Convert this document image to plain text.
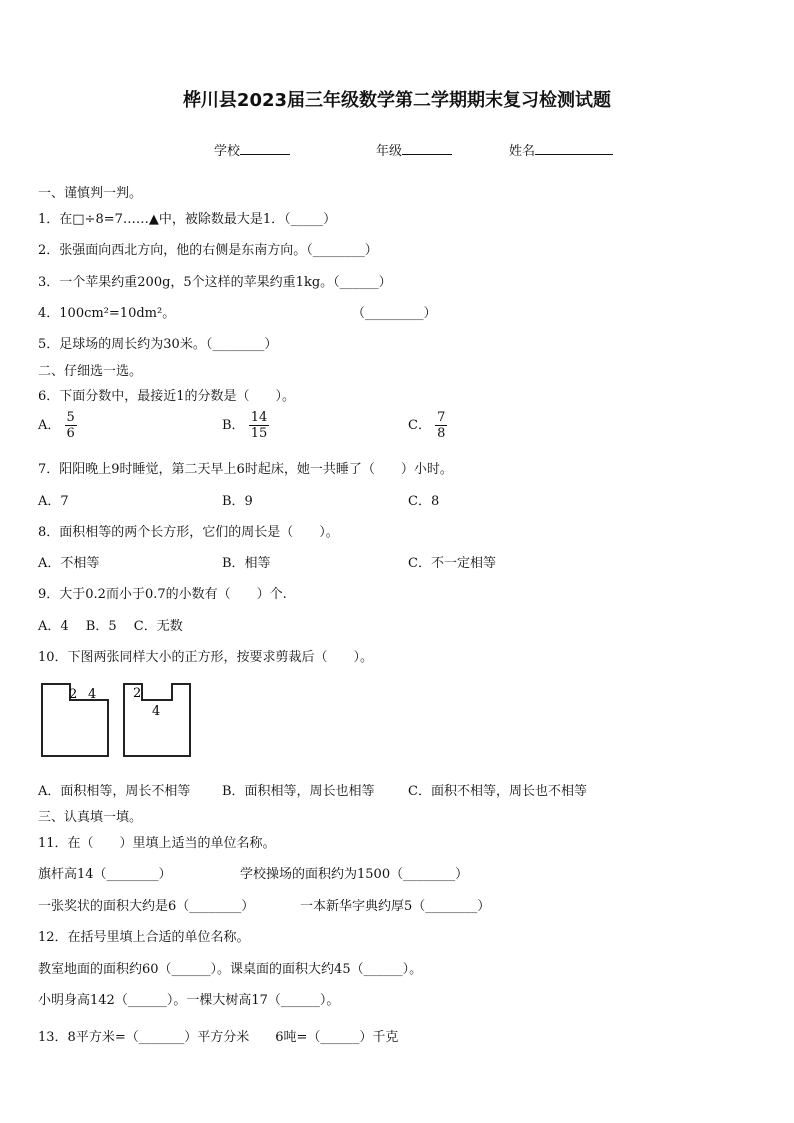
桦川县2023届三年级数学第二学期期末复习检测试题
学校	年级	姓名
一、谨慎判一判。
1．在□÷8=7……▲中，被除数最大是1．（_____）
2．张强面向西北方向，他的右侧是东南方向。（________）
3．一个苹果约重200g，5个这样的苹果约重1kg。（______）
4．100cm²=10dm²。	（_________）
5．足球场的周长约为30米。（________）
二、仔细选一选。
6．下面分数中，最接近1的分数是（　　）。
A． $\frac{5}{6}$	B． $\frac{14}{15}$	C． $\frac{7}{8}$
7．阳阳晚上9时睡觉，第二天早上6时起床，她一共睡了（　　）小时。
A．7	B．9	C．8
8．面积相等的两个长方形，它们的周长是（　　）。
A．不相等	B．相等	C．不一定相等
9．大于0.2而小于0.7的小数有（　　）个.
A．4　 B．5　 C．无数
10．下图两张同样大小的正方形，按要求剪裁后（　　）。
2 4	2
4
A．面积相等，周长不相等 B．面积相等，周长也相等	C．面积不相等，周长也不相等
三、认真填一填。
11．在（　　）里填上适当的单位名称。
旗杆高14（________）	学校操场的面积约为1500（________）
一张奖状的面积大约是6（________）	一本新华字典约厚5（________）
12．在括号里填上合适的单位名称。
教室地面的面积约60（______）。课桌面的面积大约45（______）。
小明身高142（______）。一棵大树高17（______）。
13．8平方米=（_______）平方分米　　6吨=（______）千克
